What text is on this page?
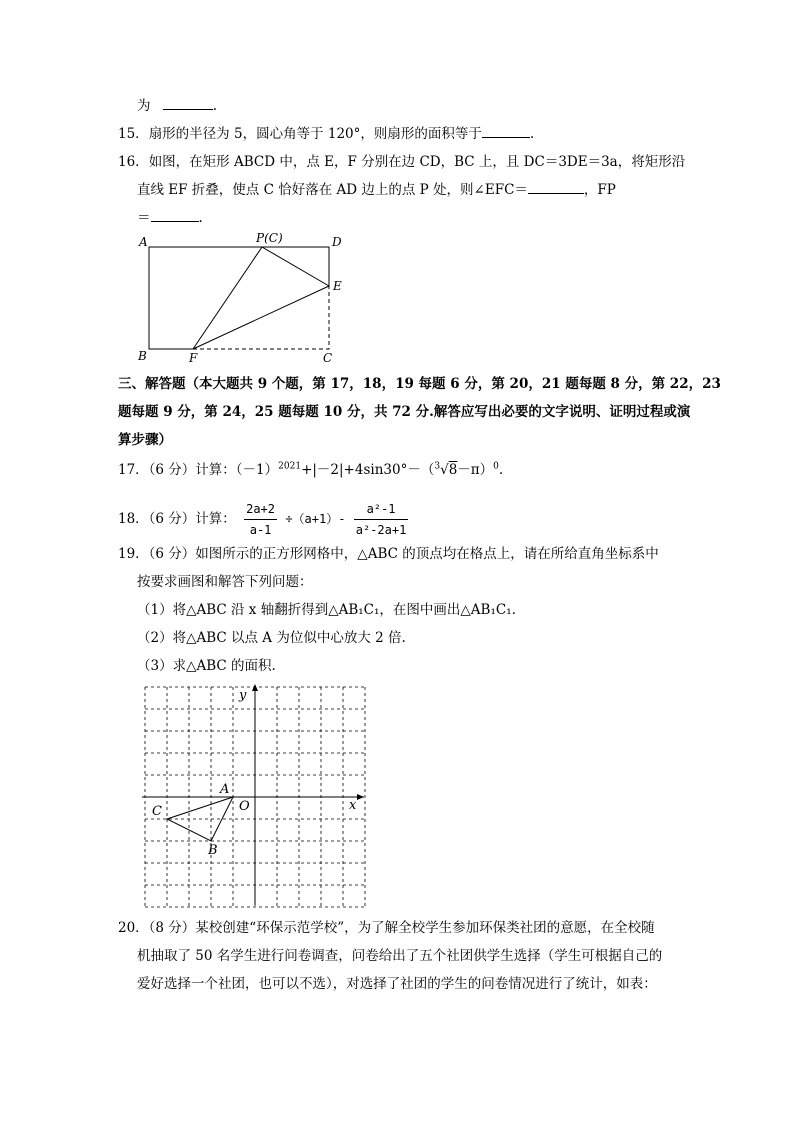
为	.
15．扇形的半径为 5，圆心角等于 120°，则扇形的面积等于	.
16．如图，在矩形 ABCD 中，点 E，F 分别在边 CD，BC 上，且 DC＝3DE＝3a，将矩形沿
直线 EF 折叠，使点 C 恰好落在 AD 边上的点 P 处，则∠EFC＝	，FP
＝	.
A	P(C)	D
E
B	F	C
三、解答题（本大题共 9 个题，第 17，18，19 每题 6 分，第 20，21 题每题 8 分，第 22，23
题每题 9 分，第 24，25 题每题 10 分，共 72 分.解答应写出必要的文字说明、证明过程或演
算步骤）
17．（6 分）计算：$(-1)^{2021}+|-2|+4\sin 30^\circ-(^3√8-\pi)^0$.
18．（6 分）计算： $\frac{2a+2}{a-1} \div(a+1)- \frac{\text{a²-1}}{\text{a²-2a+1}}$
19．（6 分）如图所示的正方形网格中，△ABC 的顶点均在格点上，请在所给直角坐标系中
按要求画图和解答下列问题：
（1）将△ABC 沿 x 轴翻折得到△AB₁C₁，在图中画出△AB₁C₁.
（2）将△ABC 以点 A 为位似中心放大 2 倍.
（3）求△ABC 的面积.
y
x
O
A
B
C
20．（8 分）某校创建“环保示范学校”，为了解全校学生参加环保类社团的意愿，在全校随
机抽取了 50 名学生进行问卷调查，问卷给出了五个社团供学生选择（学生可根据自己的
爱好选择一个社团，也可以不选），对选择了社团的学生的问卷情况进行了统计，如表：
